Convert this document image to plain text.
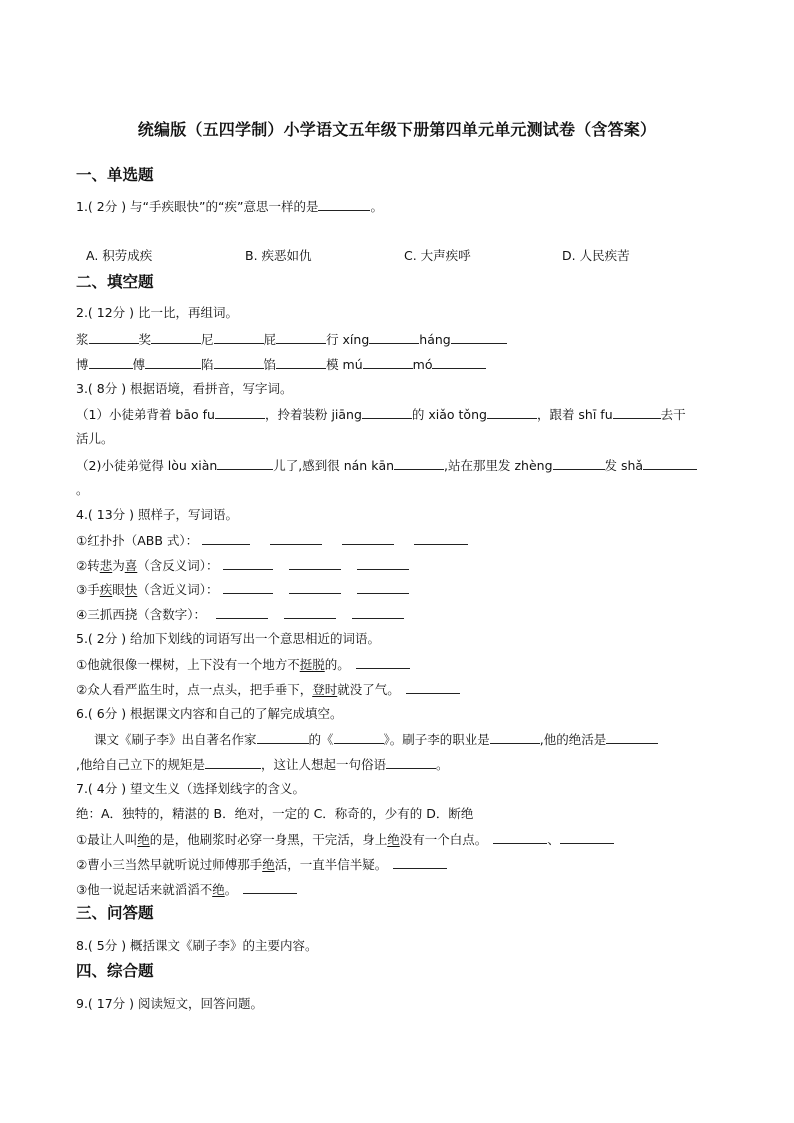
统编版（五四学制）小学语文五年级下册第四单元单元测试卷（含答案）
一、单选题
1.( 2分 ) 与“手疾眼快”的“疾”意思一样的是	。
A. 积劳成疾	B. 疾恶如仇	C. 大声疾呼	D. 人民疾苦
二、填空题
2.( 12分 ) 比一比，再组词。
浆	奖	尼	屁	行 xíng	háng
博	傅	陷	馅	模 mú	mó
3.( 8分 ) 根据语境，看拼音，写字词。
（1）小徒弟背着 bāo fu	，拎着装粉 jiāng	的 xiǎo tǒng	，跟着 shī fu	去干
活儿。
（2)小徒弟觉得 lòu xiàn	儿了,感到很 nán kān	,站在那里发 zhèng	发 shǎ
。
4.( 13分 ) 照样子，写词语。
①红扑扑（ABB 式）：
②转悲为喜（含反义词）：
③手疾眼快（含近义词）：
④三抓西挠（含数字）：
5.( 2分 ) 给加下划线的词语写出一个意思相近的词语。
①他就很像一棵树，上下没有一个地方不挺脱的。
②众人看严监生时，点一点头，把手垂下，登时就没了气。
6.( 6分 ) 根据课文内容和自己的了解完成填空。
课文《刷子李》出自著名作家	的《	》。刷子李的职业是	,他的绝活是
,他给自己立下的规矩是	，这让人想起一句俗语	。
7.( 4分 ) 望文生义（选择划线字的含义。
绝：A．独特的，精湛的 B．绝对，一定的 C．称奇的，少有的 D．断绝
①最让人叫绝的是，他刷浆时必穿一身黑，干完活，身上绝没有一个白点。	、
②曹小三当然早就听说过师傅那手绝活，一直半信半疑。
③他一说起话来就滔滔不绝。
三、问答题
8.( 5分 ) 概括课文《刷子李》的主要内容。
四、综合题
9.( 17分 ) 阅读短文，回答问题。
